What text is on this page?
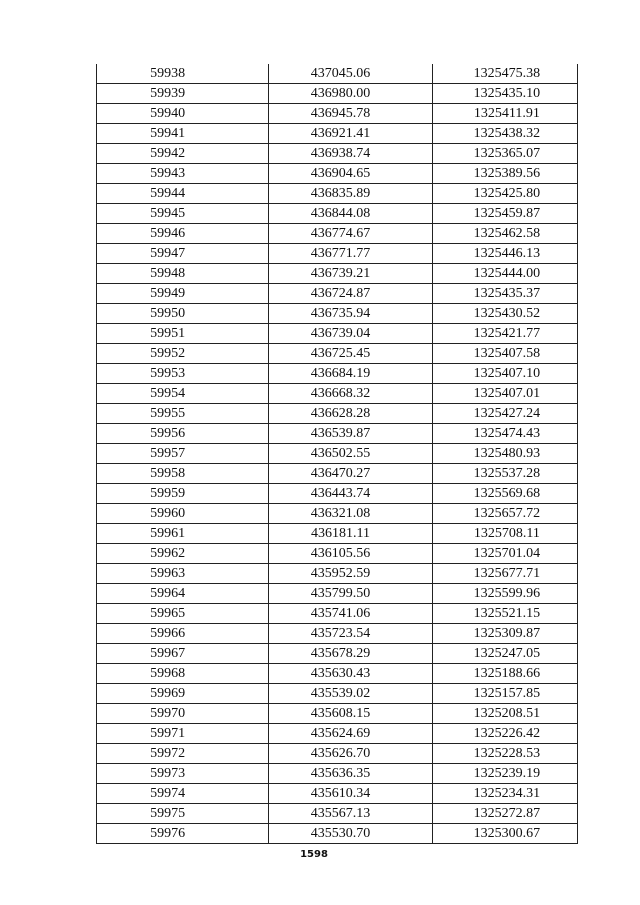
59938	437045.06	1325475.38
59939	436980.00	1325435.10
59940	436945.78	1325411.91
59941	436921.41	1325438.32
59942	436938.74	1325365.07
59943	436904.65	1325389.56
59944	436835.89	1325425.80
59945	436844.08	1325459.87
59946	436774.67	1325462.58
59947	436771.77	1325446.13
59948	436739.21	1325444.00
59949	436724.87	1325435.37
59950	436735.94	1325430.52
59951	436739.04	1325421.77
59952	436725.45	1325407.58
59953	436684.19	1325407.10
59954	436668.32	1325407.01
59955	436628.28	1325427.24
59956	436539.87	1325474.43
59957	436502.55	1325480.93
59958	436470.27	1325537.28
59959	436443.74	1325569.68
59960	436321.08	1325657.72
59961	436181.11	1325708.11
59962	436105.56	1325701.04
59963	435952.59	1325677.71
59964	435799.50	1325599.96
59965	435741.06	1325521.15
59966	435723.54	1325309.87
59967	435678.29	1325247.05
59968	435630.43	1325188.66
59969	435539.02	1325157.85
59970	435608.15	1325208.51
59971	435624.69	1325226.42
59972	435626.70	1325228.53
59973	435636.35	1325239.19
59974	435610.34	1325234.31
59975	435567.13	1325272.87
59976	435530.70	1325300.67
1598
